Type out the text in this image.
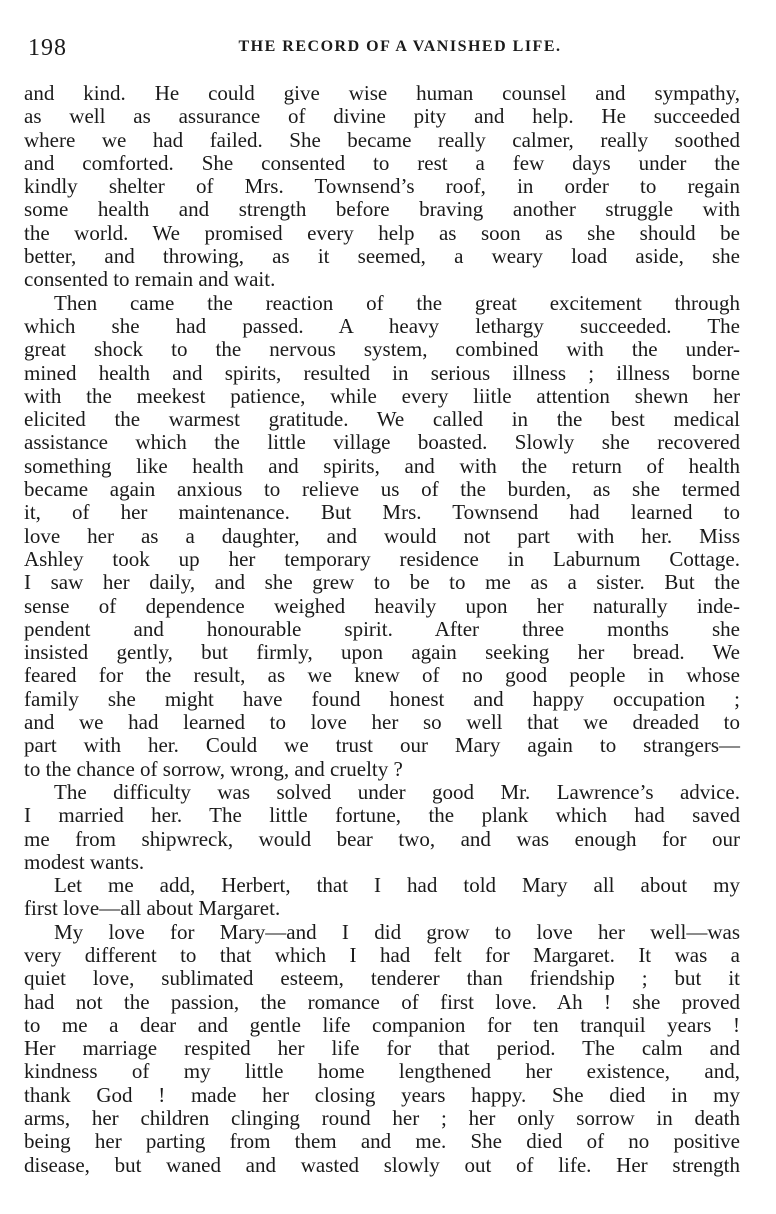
198	THE RECORD OF A VANISHED LIFE.
and kind. He could give wise human counsel and sympathy,
as well as assurance of divine pity and help. He succeeded
where we had failed. She became really calmer, really soothed
and comforted. She consented to rest a few days under the
kindly shelter of Mrs. Townsend’s roof, in order to regain
some health and strength before braving another struggle with
the world. We promised every help as soon as she should be
better, and throwing, as it seemed, a weary load aside, she
consented to remain and wait.
Then came the reaction of the great excitement through
which she had passed. A heavy lethargy succeeded. The
great shock to the nervous system, combined with the under-
mined health and spirits, resulted in serious illness ; illness borne
with the meekest patience, while every liitle attention shewn her
elicited the warmest gratitude. We called in the best medical
assistance which the little village boasted. Slowly she recovered
something like health and spirits, and with the return of health
became again anxious to relieve us of the burden, as she termed
it, of her maintenance. But Mrs. Townsend had learned to
love her as a daughter, and would not part with her. Miss
Ashley took up her temporary residence in Laburnum Cottage.
I saw her daily, and she grew to be to me as a sister. But the
sense of dependence weighed heavily upon her naturally inde-
pendent and honourable spirit. After three months she
insisted gently, but firmly, upon again seeking her bread. We
feared for the result, as we knew of no good people in whose
family she might have found honest and happy occupation ;
and we had learned to love her so well that we dreaded to
part with her. Could we trust our Mary again to strangers—
to the chance of sorrow, wrong, and cruelty ?
The difficulty was solved under good Mr. Lawrence’s advice.
I married her. The little fortune, the plank which had saved
me from shipwreck, would bear two, and was enough for our
modest wants.
Let me add, Herbert, that I had told Mary all about my
first love—all about Margaret.
My love for Mary—and I did grow to love her well—was
very different to that which I had felt for Margaret. It was a
quiet love, sublimated esteem, tenderer than friendship ; but it
had not the passion, the romance of first love. Ah ! she proved
to me a dear and gentle life companion for ten tranquil years !
Her marriage respited her life for that period. The calm and
kindness of my little home lengthened her existence, and,
thank God ! made her closing years happy. She died in my
arms, her children clinging round her ; her only sorrow in death
being her parting from them and me. She died of no positive
disease, but waned and wasted slowly out of life. Her strength
